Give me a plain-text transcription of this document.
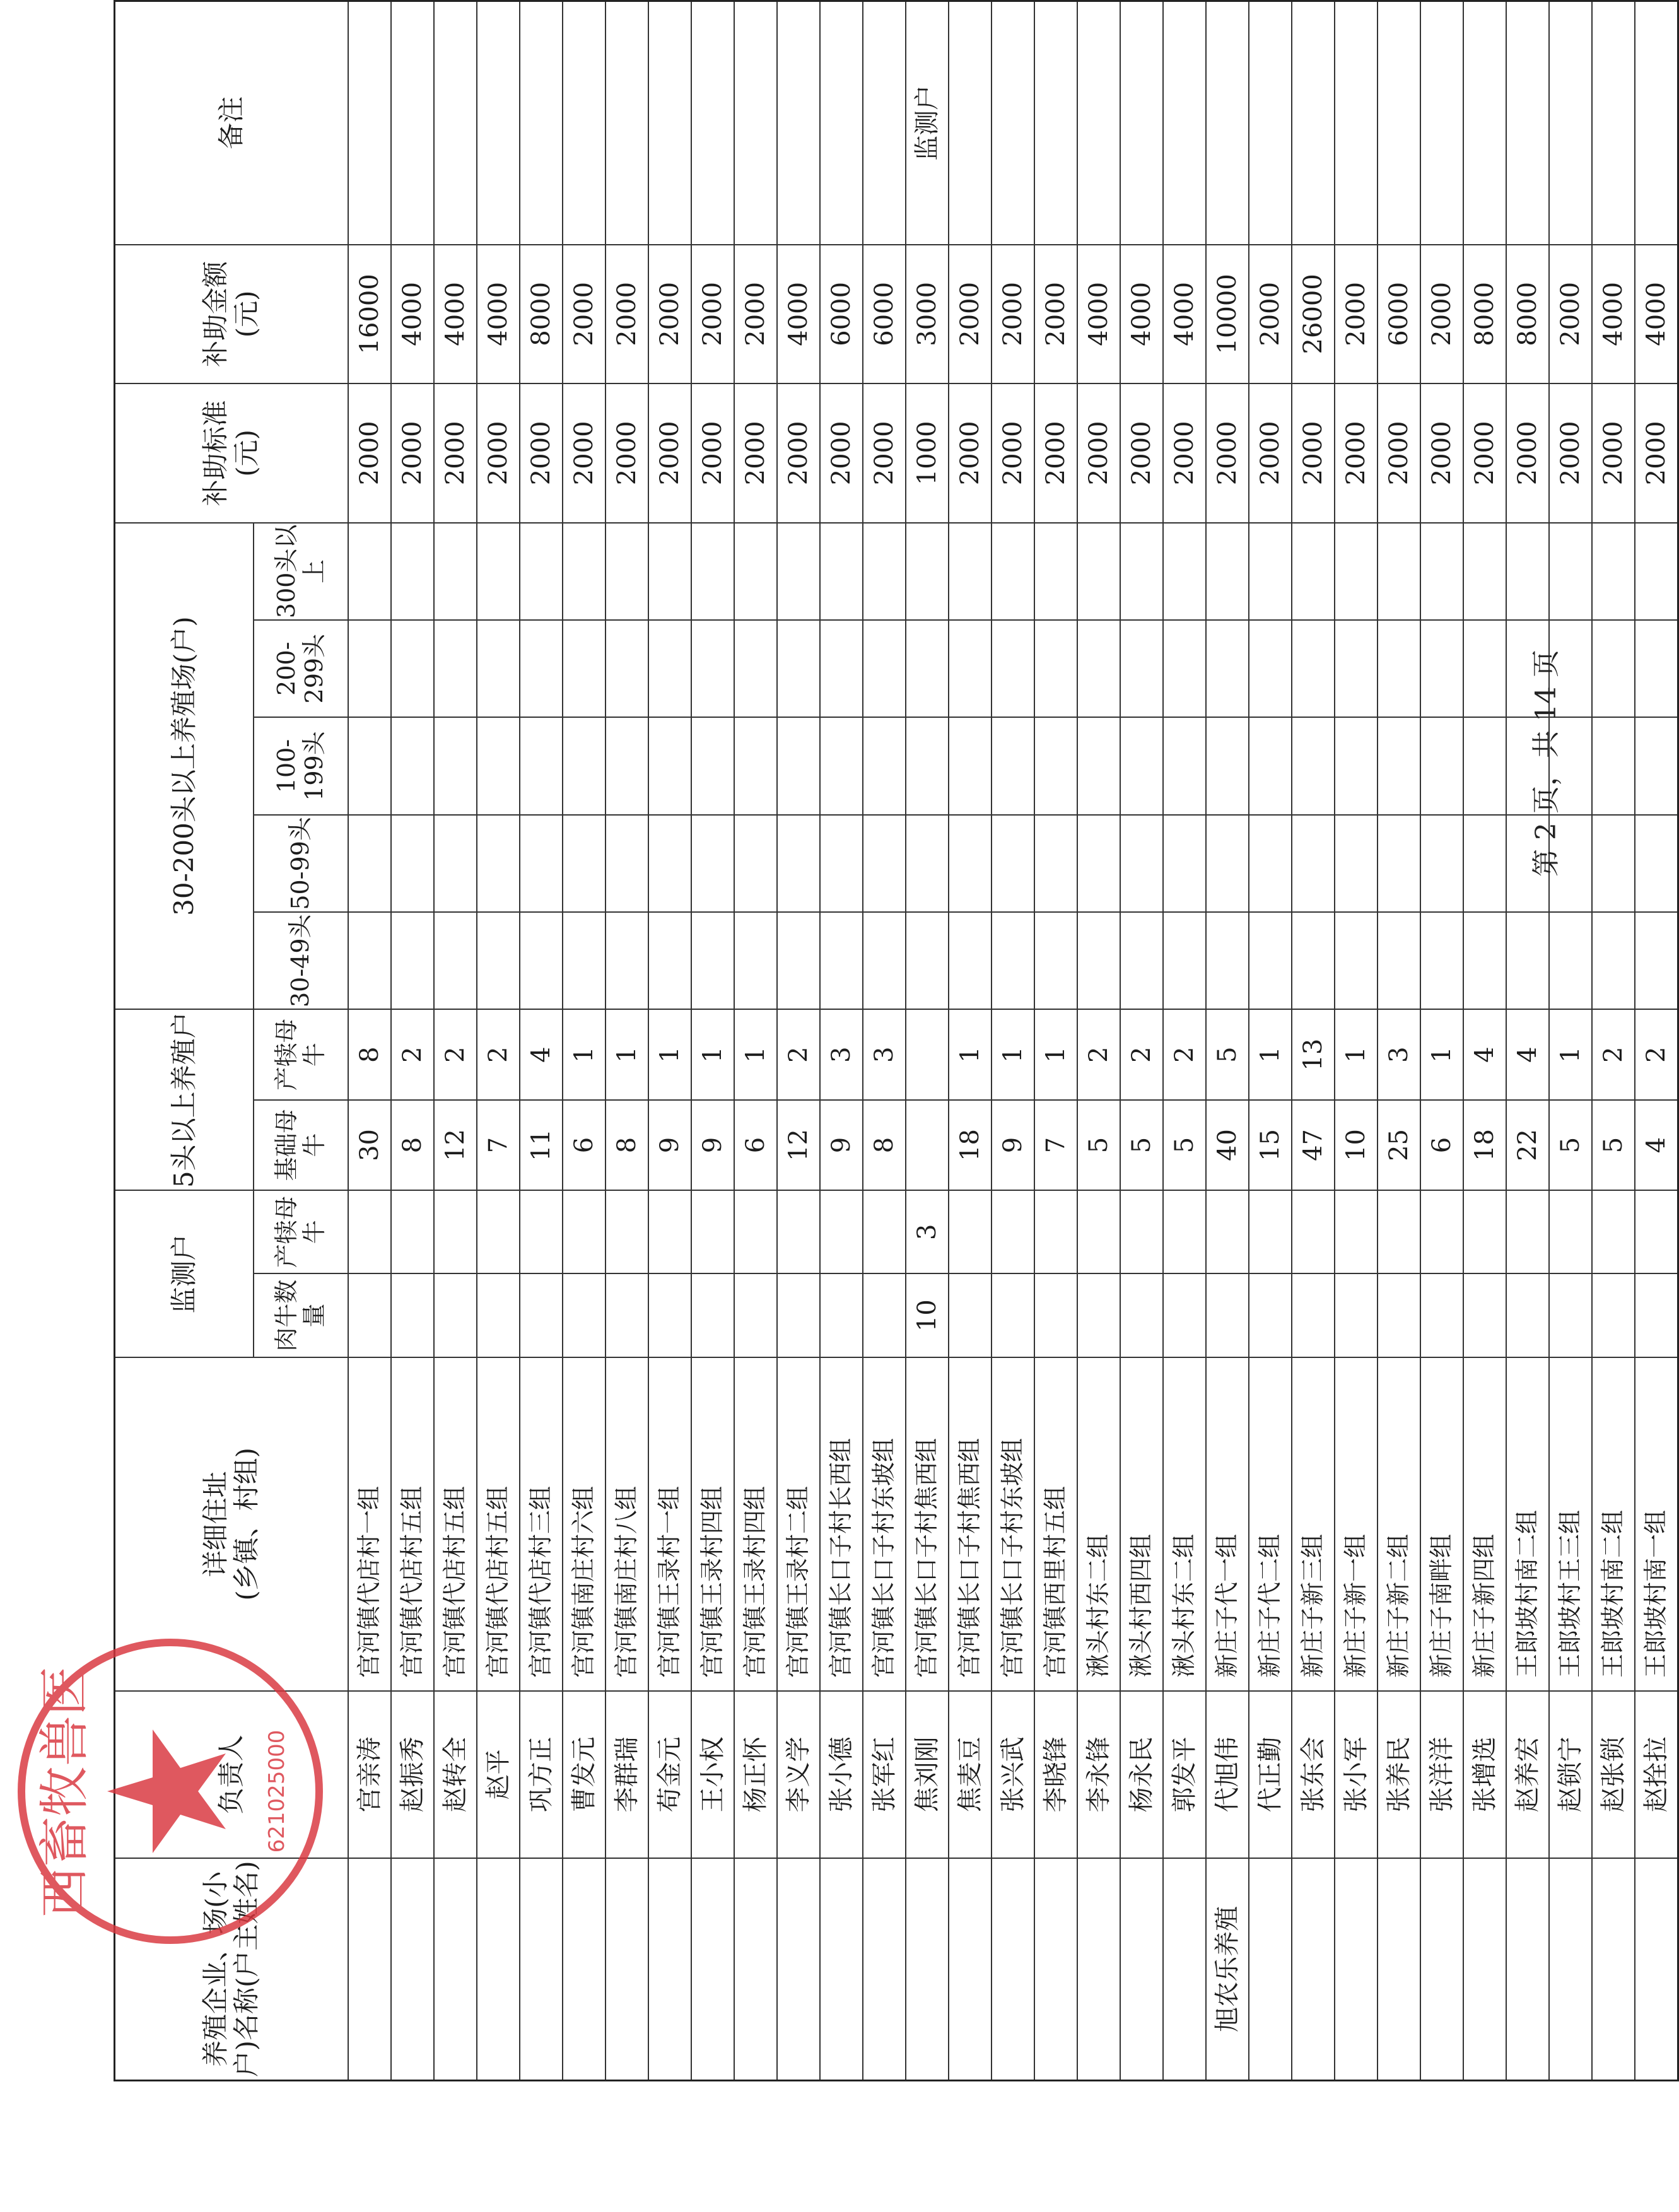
养殖企业、场(小户)名称(户主姓名)	负责人	详细住址 (乡镇、村组)	监测户		5头以上养殖户		30-200头以上养殖场(户)					补助标准(元)	补助金额(元)	备注
			肉牛数量	产犊母牛	基础母牛	产犊母牛	30-49头	50-99头	100-199头	200-299头	300头以上			
	宫亲涛	宫河镇代店村一组			30	8						2000	16000	
	赵振秀	宫河镇代店村五组			8	2						2000	4000	
	赵转全	宫河镇代店村五组			12	2						2000	4000	
	赵平	宫河镇代店村五组			7	2						2000	4000	
	巩方正	宫河镇代店村三组			11	4						2000	8000	
	曹发元	宫河镇南庄村六组			6	1						2000	2000	
	李群瑞	宫河镇南庄村八组			8	1						2000	2000	
	苟金元	宫河镇王录村一组			9	1						2000	2000	
	王小权	宫河镇王录村四组			9	1						2000	2000	
	杨正怀	宫河镇王录村四组			6	1						2000	2000	
	李义学	宫河镇王录村二组			12	2						2000	4000	
	张小德	宫河镇长口子村长西组			9	3						2000	6000	
	张军红	宫河镇长口子村东坡组			8	3						2000	6000	
	焦刘刚	宫河镇长口子村焦西组	10	3								1000	3000	监测户
	焦麦豆	宫河镇长口子村焦西组			18	1						2000	2000	
	张兴武	宫河镇长口子村东坡组			9	1						2000	2000	
	李晓锋	宫河镇西里村五组			7	1						2000	2000	
	李永锋	湫头村东二组			5	2						2000	4000	
	杨永民	湫头村西四组			5	2						2000	4000	
	郭发平	湫头村东二组			5	2						2000	4000	
旭农乐养殖	代旭伟	新庄子代一组			40	5						2000	10000	
	代正勤	新庄子代二组			15	1						2000	2000	
	张东会	新庄子新三组			47	13						2000	26000	
	张小军	新庄子新一组			10	1						2000	2000	
	张养民	新庄子新二组			25	3						2000	6000	
	张洋洋	新庄子南畔组			6	1						2000	2000	
	张增选	新庄子新四组			18	4						2000	8000	
	赵养宏	王郎坡村南二组			22	4						2000	8000	
	赵锁宁	王郎坡村王三组			5	1						2000	2000	
	赵张锁	王郎坡村南二组			5	2						2000	4000	
	赵拴拉	王郎坡村南一组			4	2						2000	4000	
第 2 页，共 14 页
西畜牧兽医	621025000
